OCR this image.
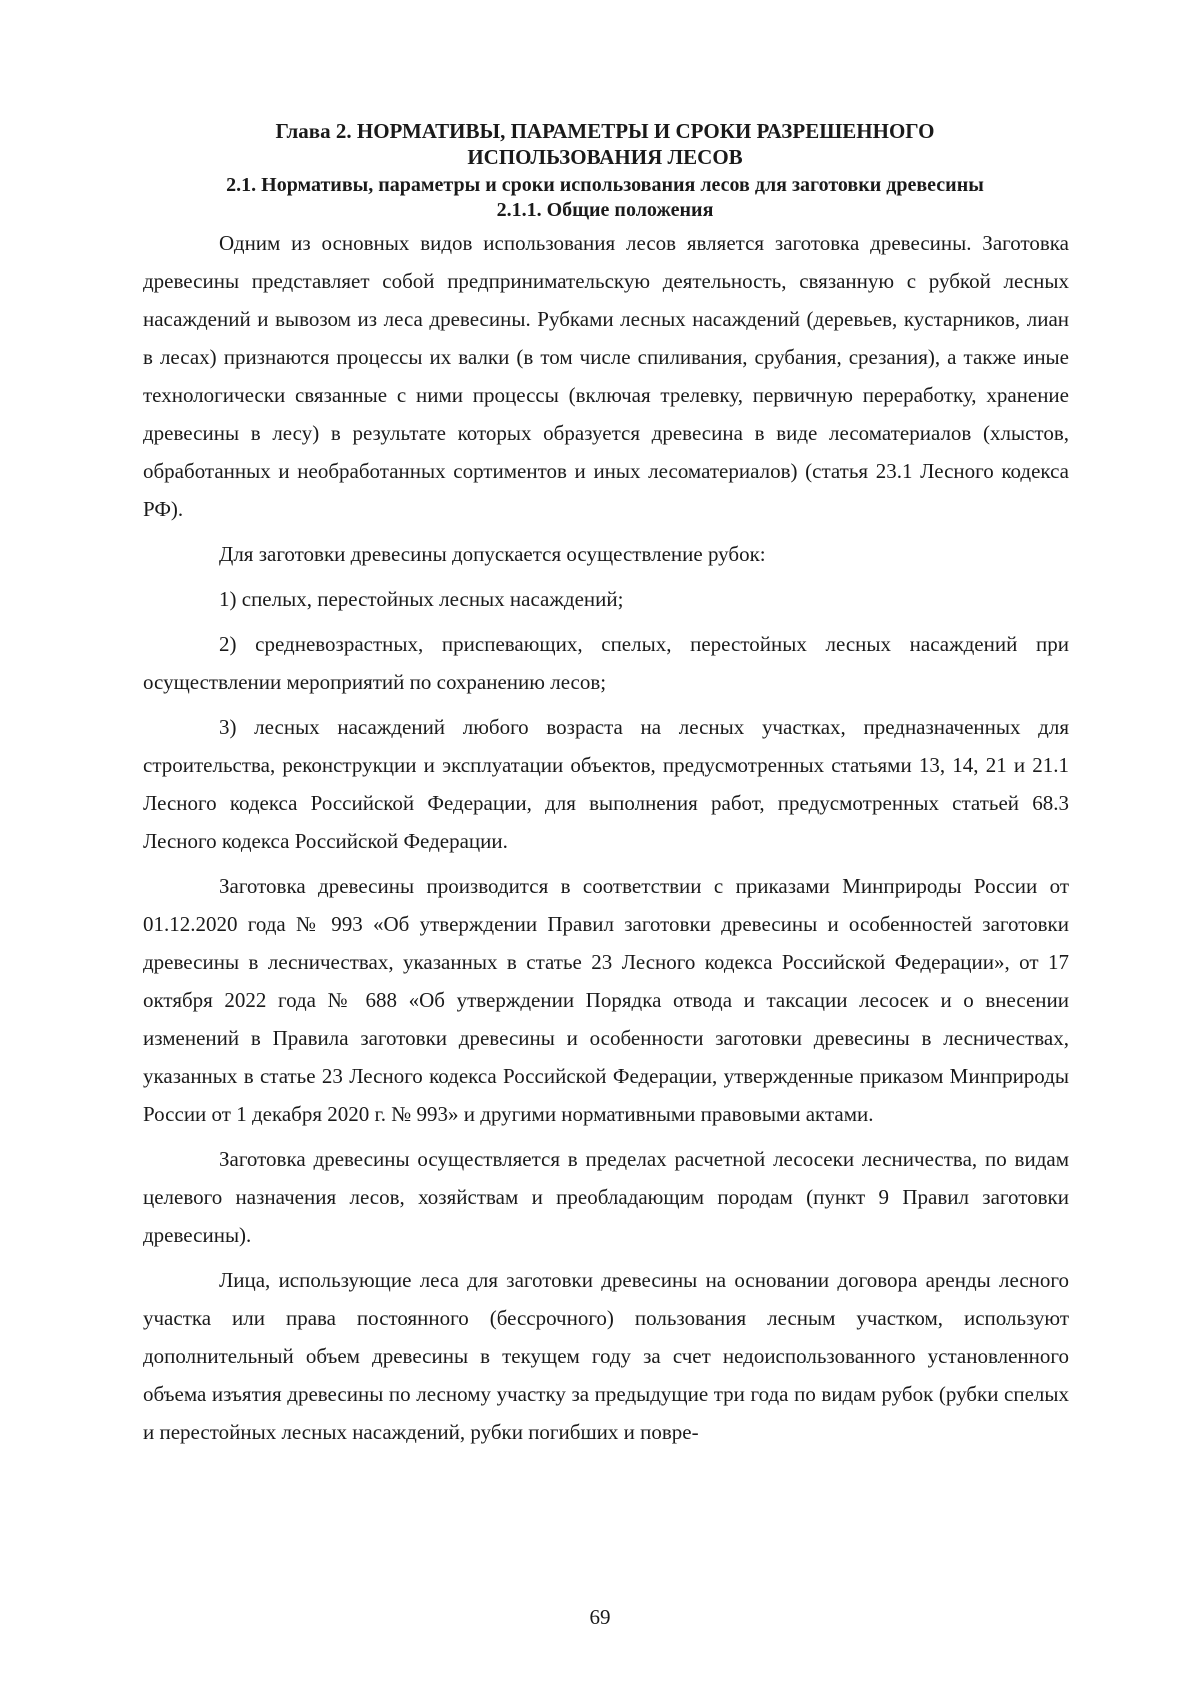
Глава 2. НОРМАТИВЫ, ПАРАМЕТРЫ И СРОКИ РАЗРЕШЕННОГО
ИСПОЛЬЗОВАНИЯ ЛЕСОВ
2.1. Нормативы, параметры и сроки использования лесов для заготовки древесины
2.1.1. Общие положения

Одним из основных видов использования лесов является заготовка древесины. Заготовка древесины представляет собой предпринимательскую деятельность, связанную с рубкой лесных насаждений и вывозом из леса древесины. Рубками лесных насаждений (деревьев, кустарников, лиан в лесах) признаются процессы их валки (в том числе спиливания, срубания, срезания), а также иные технологически связанные с ними процессы (включая трелевку, первичную переработку, хранение древесины в лесу) в результате которых образуется древесина в виде лесоматериалов (хлыстов, обработанных и необработанных сортиментов и иных лесоматериалов) (статья 23.1 Лесного кодекса РФ).

Для заготовки древесины допускается осуществление рубок:

1) спелых, перестойных лесных насаждений;

2) средневозрастных, приспевающих, спелых, перестойных лесных насаждений при осуществлении мероприятий по сохранению лесов;

3) лесных насаждений любого возраста на лесных участках, предназначенных для строительства, реконструкции и эксплуатации объектов, предусмотренных статьями 13, 14, 21 и 21.1 Лесного кодекса Российской Федерации, для выполнения работ, предусмотренных статьей 68.3 Лесного кодекса Российской Федерации.

Заготовка древесины производится в соответствии с приказами Минприроды России от 01.12.2020 года № 993 «Об утверждении Правил заготовки древесины и особенностей заготовки древесины в лесничествах, указанных в статье 23 Лесного кодекса Российской Федерации», от 17 октября 2022 года № 688 «Об утверждении Порядка отвода и таксации лесосек и о внесении изменений в Правила заготовки древесины и особенности заготовки древесины в лесничествах, указанных в статье 23 Лесного кодекса Российской Федерации, утвержденные приказом Минприроды России от 1 декабря 2020 г. № 993» и другими нормативными правовыми актами.

Заготовка древесины осуществляется в пределах расчетной лесосеки лесничества, по видам целевого назначения лесов, хозяйствам и преобладающим породам (пункт 9 Правил заготовки древесины).

Лица, использующие леса для заготовки древесины на основании договора аренды лесного участка или права постоянного (бессрочного) пользования лесным участком, используют дополнительный объем древесины в текущем году за счет недоиспользованного установленного объема изъятия древесины по лесному участку за предыдущие три года по видам рубок (рубки спелых и перестойных лесных насаждений, рубки погибших и повре-

69
